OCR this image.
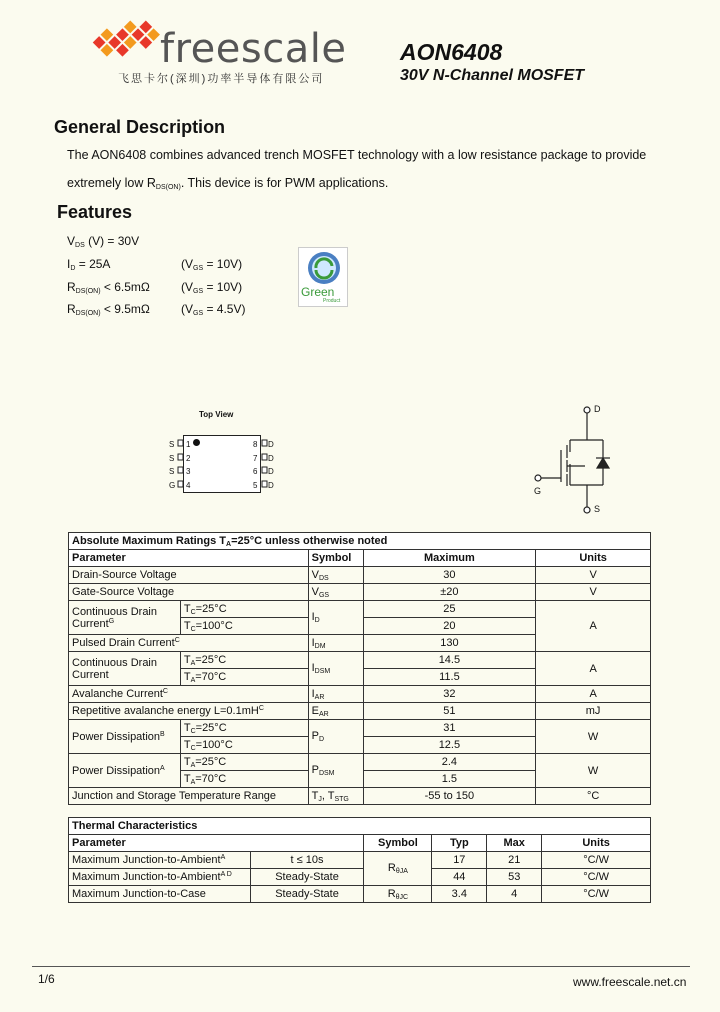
freescale
飞思卡尔(深圳)功率半导体有限公司
AON6408
30V N-Channel MOSFET
General Description
The AON6408 combines advanced trench MOSFET technology with a low resistance package to provide
extremely low $R_{DS(ON)}$. This device is for PWM applications.
Features
$V_{DS}$ (V) = 30V
$I_D = 25A$	$(V_{GS} = 10V)$
$R_{DS(ON)} < 6.5m\Omega$	$(V_{GS} = 10V)$
$R_{DS(ON)} < 9.5m\Omega$	$(V_{GS} = 4.5V)$
Green
Product
Top View
S 1
S 2
S 3
G 4
8 D
7 D
6 D
5 D
D
G
S
Absolute Maximum Ratings $T_A=25^\circ C$ unless otherwise noted				
Parameter		Symbol	Maximum	Units
Drain-Source Voltage		$V_{DS}$	30	V
Gate-Source Voltage		$V_{GS}$	±20	V

Continuous Drain
Current$^G$	$T_C=25^\circ C$	$I_D$	25	A
	$T_C=100^\circ C$		20	
Pulsed Drain Current$^C$		$I_{DM}$	130	

Continuous Drain
Current	$T_A=25^\circ C$	$I_{DSM}$	14.5	A
	$T_A=70^\circ C$		11.5	
Avalanche Current$^C$		$I_{AR}$	32	A
Repetitive avalanche energy $L=0.1mH^C$		$E_{AR}$	51	mJ
Power Dissipation$^B$	$T_C=25^\circ C$	$P_D$	31	W
	$T_C=100^\circ C$		12.5	
Power Dissipation$^A$	$T_A=25^\circ C$	$P_{DSM}$	2.4	W
	$T_A=70^\circ C$		1.5	
Junction and Storage Temperature Range		$T_J$, $T_{STG}$	-55 to 150	°C
Thermal Characteristics					
Parameter		Symbol	Typ	Max	Units
Maximum Junction-to-Ambient$^A$	t ≤ 10s	$R_{\theta JA}$	17	21	°C/W
Maximum Junction-to-Ambient$^{A D}$	Steady-State		44	53	°C/W
Maximum Junction-to-Case	Steady-State	$R_{\theta JC}$	3.4	4	°C/W
1/6	www.freescale.net.cn
